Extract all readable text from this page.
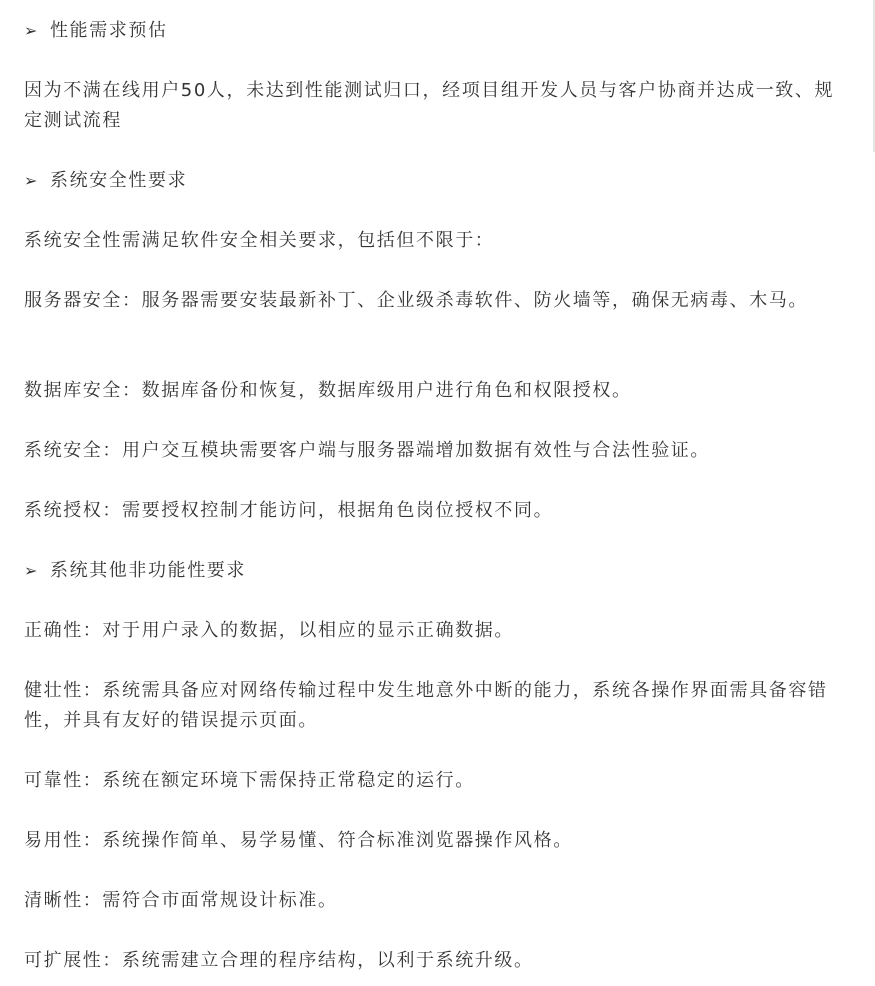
➢ 性能需求预估
因为不满在线用户50人，未达到性能测试归口，经项目组开发人员与客户协商并达成一致、规定测试流程
➢ 系统安全性要求
系统安全性需满足软件安全相关要求，包括但不限于：
服务器安全：服务器需要安装最新补丁、企业级杀毒软件、防火墙等，确保无病毒、木马。
数据库安全：数据库备份和恢复，数据库级用户进行角色和权限授权。
系统安全：用户交互模块需要客户端与服务器端增加数据有效性与合法性验证。
系统授权：需要授权控制才能访问，根据角色岗位授权不同。
➢ 系统其他非功能性要求
正确性：对于用户录入的数据，以相应的显示正确数据。
健壮性：系统需具备应对网络传输过程中发生地意外中断的能力，系统各操作界面需具备容错性，并具有友好的错误提示页面。
可靠性：系统在额定环境下需保持正常稳定的运行。
易用性：系统操作简单、易学易懂、符合标准浏览器操作风格。
清晰性：需符合市面常规设计标准。
可扩展性：系统需建立合理的程序结构，以利于系统升级。
